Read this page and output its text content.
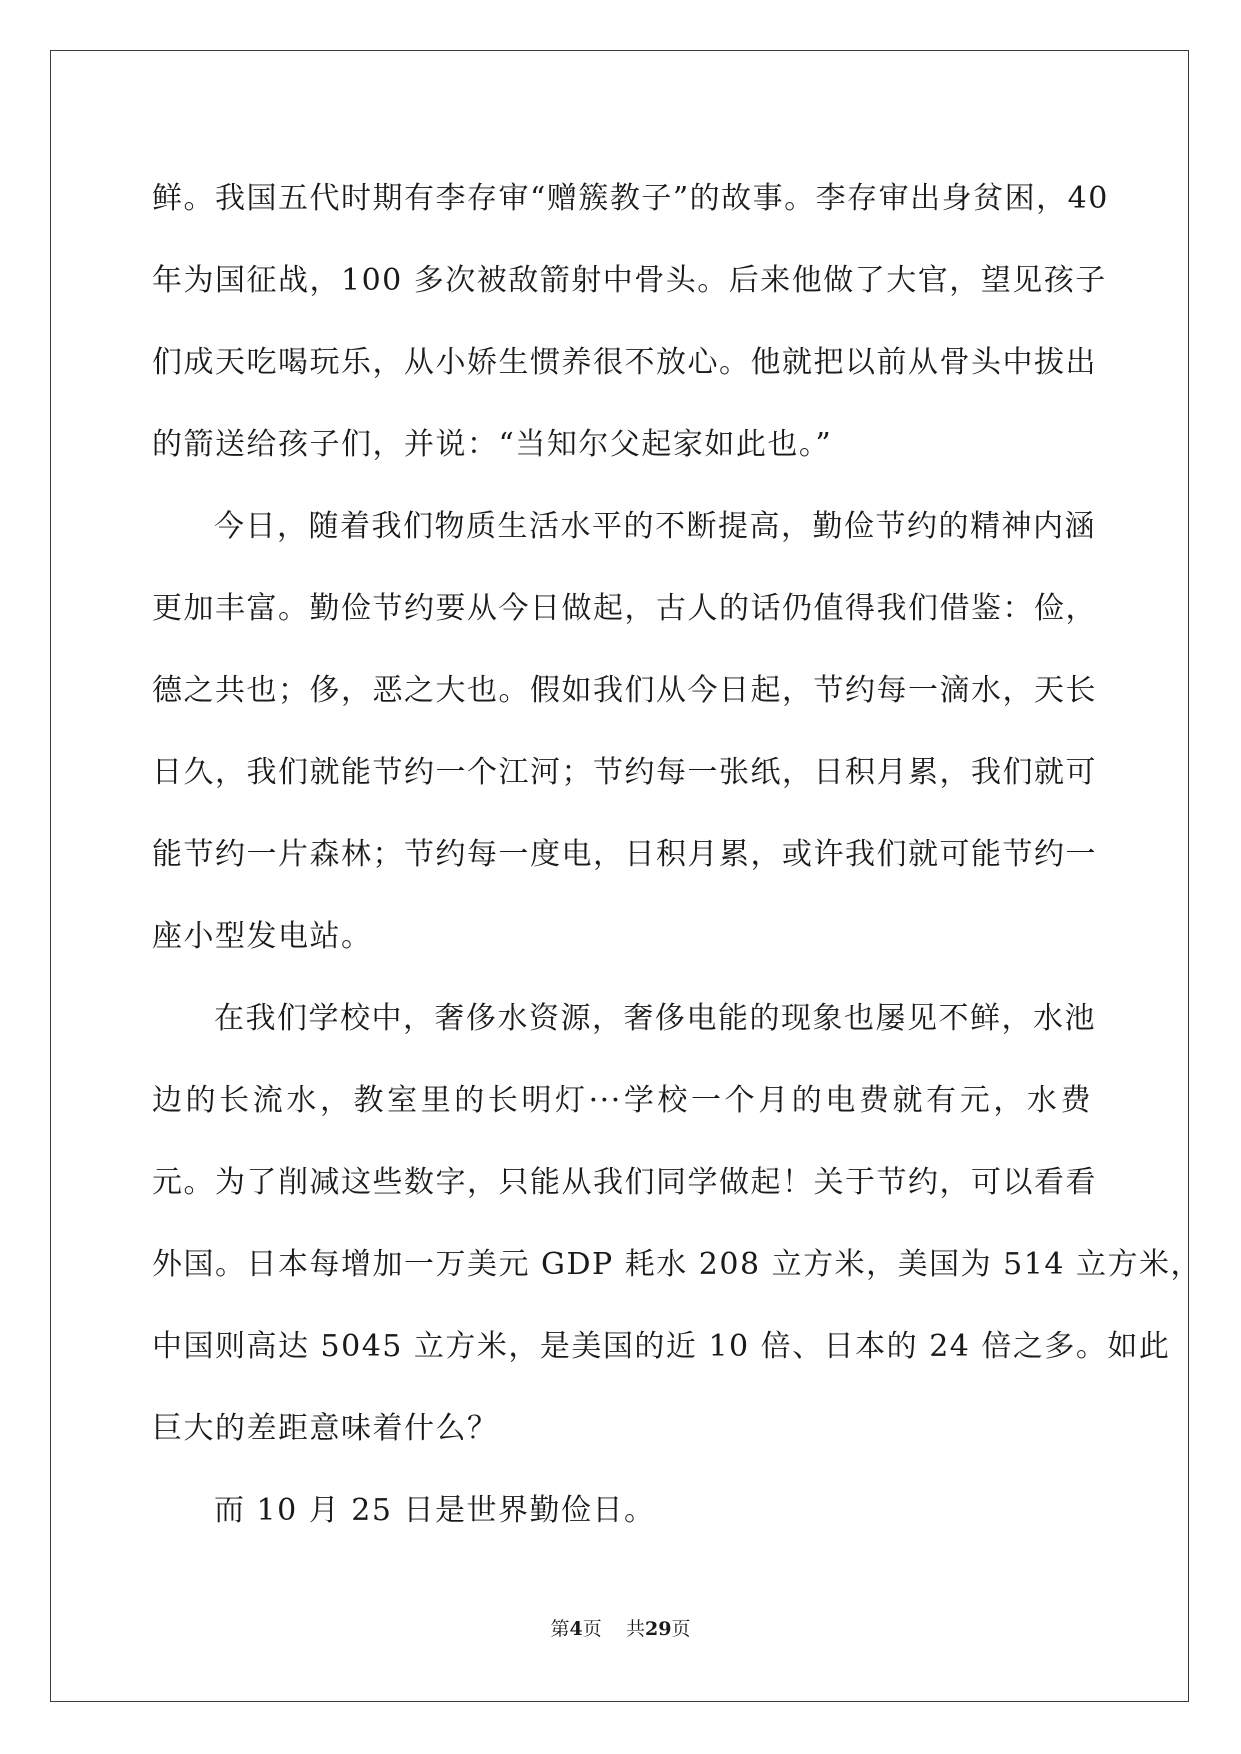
鲜。我国五代时期有李存审“赠簇教子”的故事。李存审出身贫困，40
年为国征战，100 多次被敌箭射中骨头。后来他做了大官，望见孩子
们成天吃喝玩乐，从小娇生惯养很不放心。他就把以前从骨头中拔出
的箭送给孩子们，并说：“当知尔父起家如此也。”
今日，随着我们物质生活水平的不断提高，勤俭节约的精神内涵
更加丰富。勤俭节约要从今日做起，古人的话仍值得我们借鉴：俭，
德之共也；侈，恶之大也。假如我们从今日起，节约每一滴水，天长
日久，我们就能节约一个江河；节约每一张纸，日积月累，我们就可
能节约一片森林；节约每一度电，日积月累，或许我们就可能节约一
座小型发电站。
在我们学校中，奢侈水资源，奢侈电能的现象也屡见不鲜，水池
边的长流水，教室里的长明灯···学校一个月的电费就有元，水费
元。为了削减这些数字，只能从我们同学做起！关于节约，可以看看
外国。日本每增加一万美元 GDP 耗水 208 立方米，美国为 514 立方米，
中国则高达 5045 立方米，是美国的近 10 倍、日本的 24 倍之多。如此
巨大的差距意味着什么？
而 10 月 25 日是世界勤俭日。
第4页 共29页
